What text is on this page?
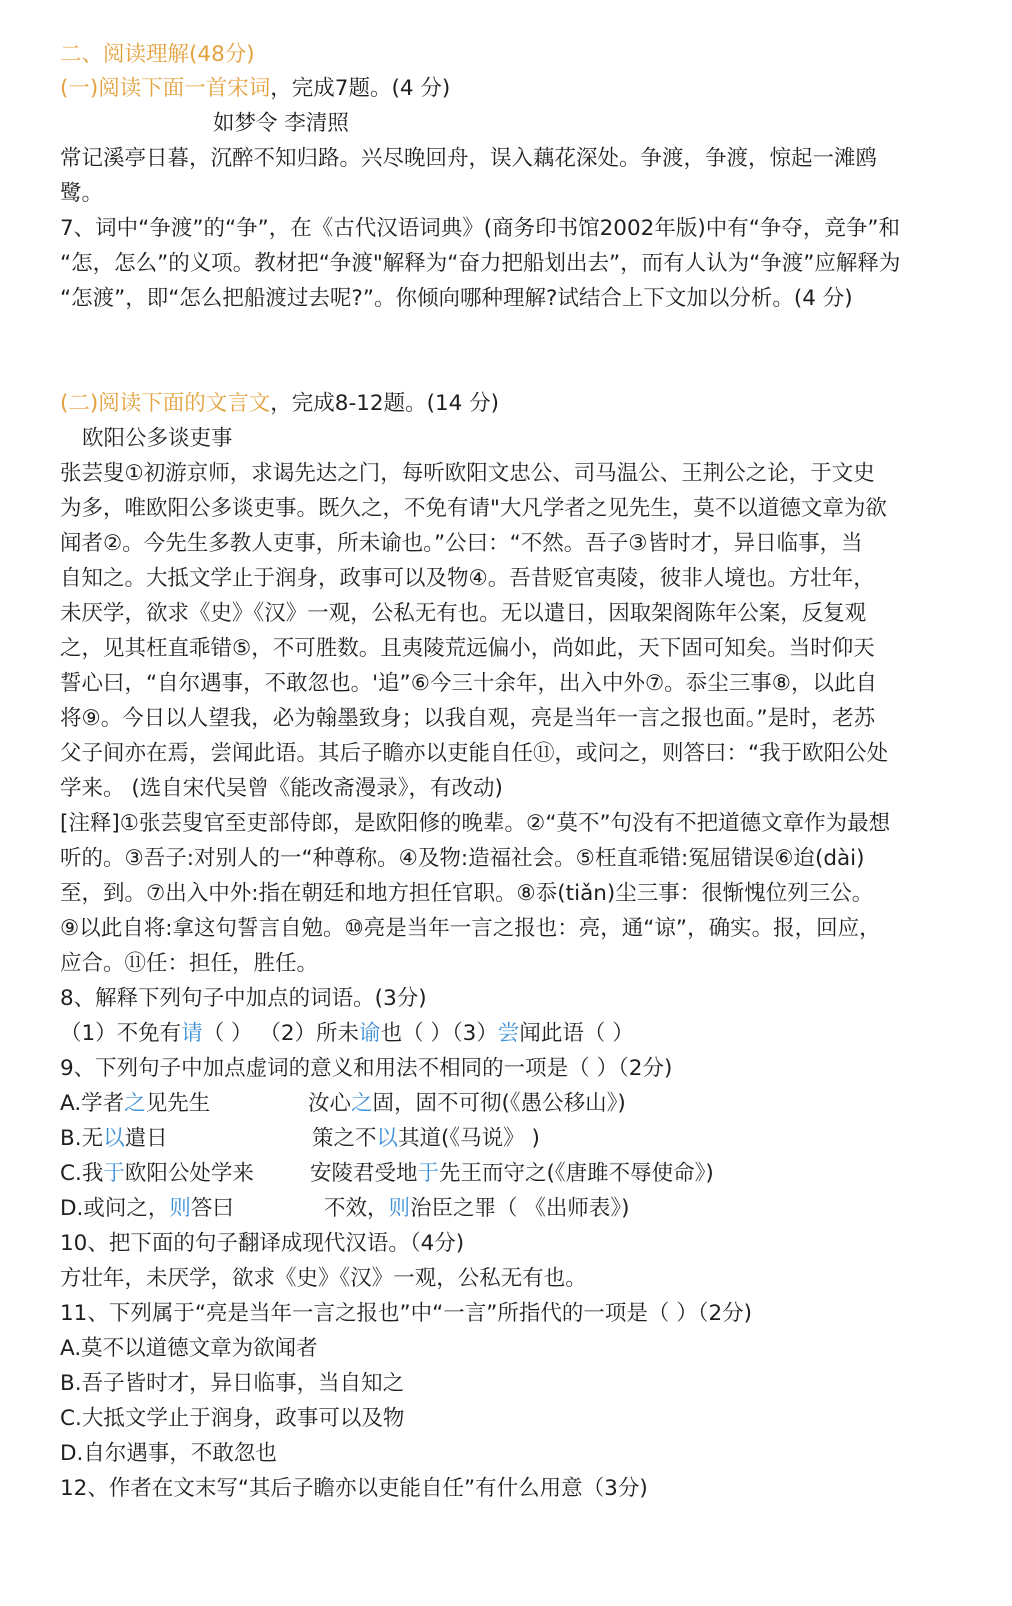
二、阅读理解(48分)
(一)阅读下面一首宋词，完成7题。(4 分)
如梦令 李清照
常记溪亭日暮，沉醉不知归路。兴尽晚回舟，误入藕花深处。争渡，争渡，惊起一滩鸥
鹭。
7、词中“争渡”的“争”，在《古代汉语词典》(商务印书馆2002年版)中有“争夺，竞争”和
“怎，怎么”的义项。教材把“争渡"解释为“奋力把船划出去”，而有人认为“争渡”应解释为
“怎渡”，即“怎么把船渡过去呢?”。你倾向哪种理解?试结合上下文加以分析。(4 分)
(二)阅读下面的文言文，完成8-12题。(14 分)
欧阳公多谈吏事
张芸叟①初游京师，求谒先达之门，每听欧阳文忠公、司马温公、王荆公之论，于文史
为多，唯欧阳公多谈吏事。既久之，不免有请"大凡学者之见先生，莫不以道德文章为欲
闻者②。今先生多教人吏事，所未谕也。”公曰：“不然。吾子③皆时才，异日临事，当
自知之。大抵文学止于润身，政事可以及物④。吾昔贬官夷陵，彼非人境也。方壮年，
未厌学，欲求《史》《汉》一观，公私无有也。无以遣日，因取架阁陈年公案，反复观
之，见其枉直乖错⑤，不可胜数。且夷陵荒远偏小，尚如此，天下固可知矣。当时仰天
誓心曰，“自尔遇事，不敢忽也。'追”⑥今三十余年，出入中外⑦。忝尘三事⑧，以此自
将⑨。今日以人望我，必为翰墨致身；以我自观，亮是当年一言之报也面。”是时，老苏
父子间亦在焉，尝闻此语。其后子瞻亦以吏能自任⑪，或问之，则答曰：“我于欧阳公处
学来。 (选自宋代吴曾《能改斋漫录》，有改动)
[注释]①张芸叟官至吏部侍郎，是欧阳修的晚辈。②“莫不”句没有不把道德文章作为最想
听的。③吾子:对别人的一“种尊称。④及物:造福社会。⑤枉直乖错:冤屈错误⑥迨(dài)
至，到。⑦出入中外:指在朝廷和地方担任官职。⑧忝(tiǎn)尘三事：很惭愧位列三公。
⑨以此自将:拿这句誓言自勉。⑩亮是当年一言之报也：亮，通“谅”，确实。报，回应，
应合。⑪任：担任，胜任。
8、解释下列句子中加点的词语。(3分)
（1）不免有请（ ） （2）所未谕也（ ）（3）尝闻此语（ ）
9、下列句子中加点虚词的意义和用法不相同的一项是（ ）（2分)
A.学者之见先生	汝心之固，固不可彻(《愚公移山》)
B.无以遣日	策之不以其道(《马说》 )
C.我于欧阳公处学来	安陵君受地于先王而守之(《唐雎不辱使命》)
D.或问之，则答曰	不效，则治臣之罪（ 《出师表》)
10、把下面的句子翻译成现代汉语。（4分)
方壮年，未厌学，欲求《史》《汉》一观，公私无有也。
11、下列属于“亮是当年一言之报也”中“一言”所指代的一项是（ ）（2分)
A.莫不以道德文章为欲闻者
B.吾子皆时才，异日临事，当自知之
C.大抵文学止于润身，政事可以及物
D.自尔遇事，不敢忽也
12、作者在文末写“其后子瞻亦以吏能自任”有什么用意（3分)
